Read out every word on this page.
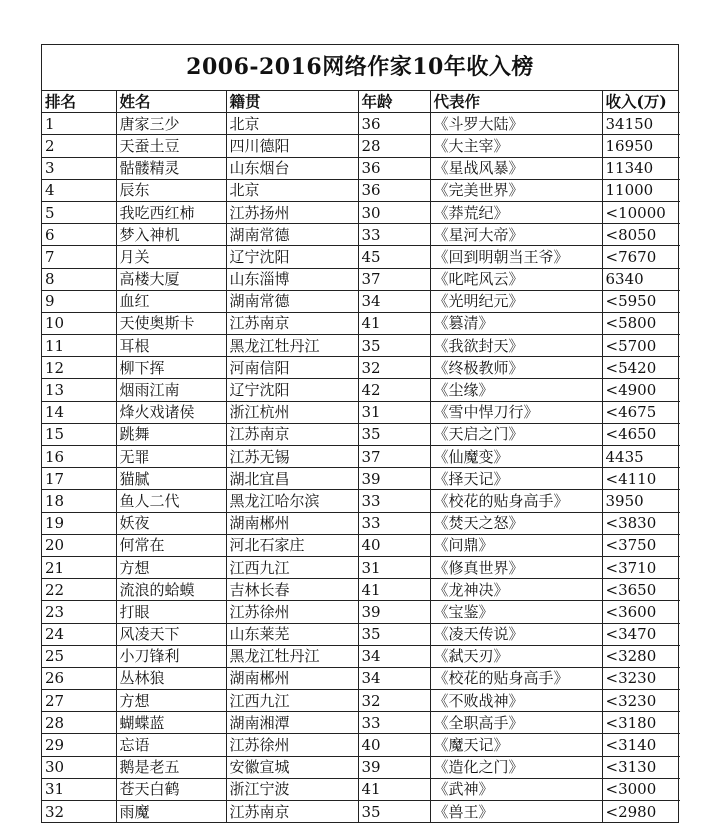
2006-2016网络作家10年收入榜
排名	姓名	籍贯	年龄	代表作	收入(万)
1	唐家三少	北京	36	《斗罗大陆》	34150
2	天蚕土豆	四川德阳	28	《大主宰》	16950
3	骷髅精灵	山东烟台	36	《星战风暴》	11340
4	辰东	北京	36	《完美世界》	11000
5	我吃西红柿	江苏扬州	30	《莽荒纪》	<10000
6	梦入神机	湖南常德	33	《星河大帝》	<8050
7	月关	辽宁沈阳	45	《回到明朝当王爷》	<7670
8	高楼大厦	山东淄博	37	《叱咤风云》	6340
9	血红	湖南常德	34	《光明纪元》	<5950
10	天使奥斯卡	江苏南京	41	《篡清》	<5800
11	耳根	黑龙江牡丹江	35	《我欲封天》	<5700
12	柳下挥	河南信阳	32	《终极教师》	<5420
13	烟雨江南	辽宁沈阳	42	《尘缘》	<4900
14	烽火戏诸侯	浙江杭州	31	《雪中悍刀行》	<4675
15	跳舞	江苏南京	35	《天启之门》	<4650
16	无罪	江苏无锡	37	《仙魔变》	4435
17	猫腻	湖北宜昌	39	《择天记》	<4110
18	鱼人二代	黑龙江哈尔滨	33	《校花的贴身高手》	3950
19	妖夜	湖南郴州	33	《焚天之怒》	<3830
20	何常在	河北石家庄	40	《问鼎》	<3750
21	方想	江西九江	31	《修真世界》	<3710
22	流浪的蛤蟆	吉林长春	41	《龙神决》	<3650
23	打眼	江苏徐州	39	《宝鉴》	<3600
24	风凌天下	山东莱芜	35	《凌天传说》	<3470
25	小刀锋利	黑龙江牡丹江	34	《弑天刃》	<3280
26	丛林狼	湖南郴州	34	《校花的贴身高手》	<3230
27	方想	江西九江	32	《不败战神》	<3230
28	蝴蝶蓝	湖南湘潭	33	《全职高手》	<3180
29	忘语	江苏徐州	40	《魔天记》	<3140
30	鹅是老五	安徽宣城	39	《造化之门》	<3130
31	苍天白鹤	浙江宁波	41	《武神》	<3000
32	雨魔	江苏南京	35	《兽王》	<2980
